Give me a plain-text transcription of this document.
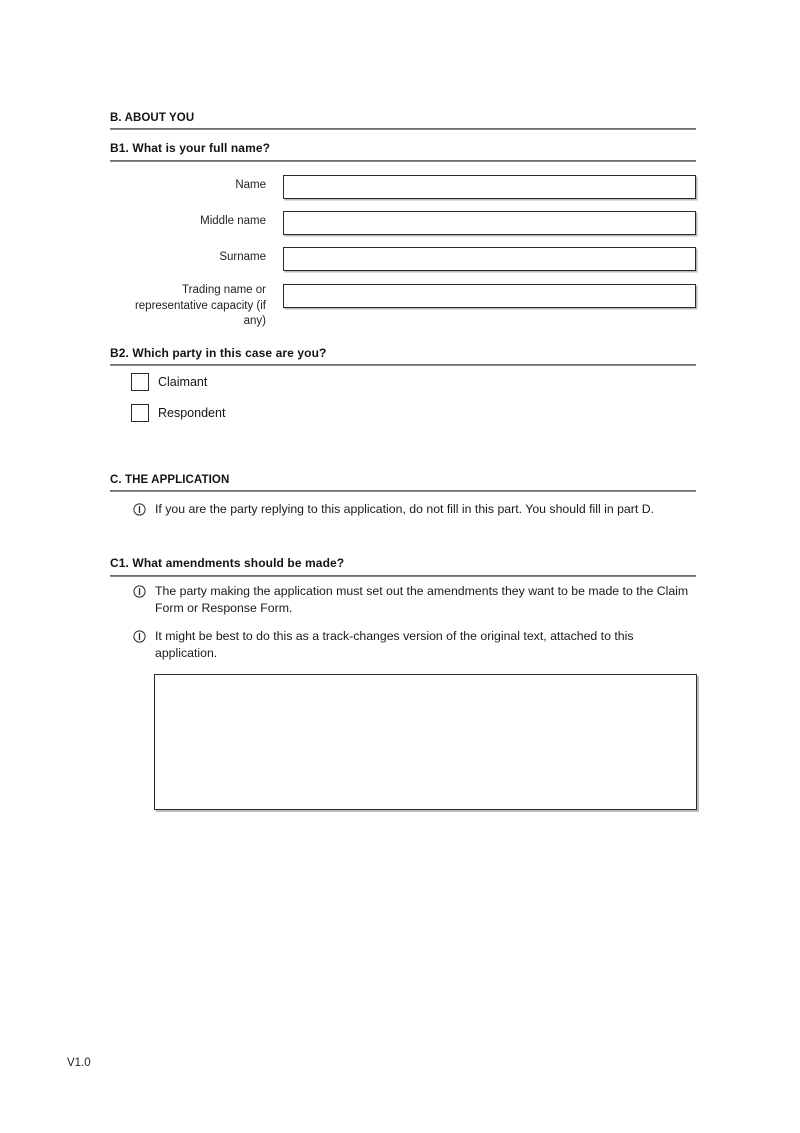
B. ABOUT YOU
B1. What is your full name?
Name
Middle name
Surname
Trading name or representative capacity (if any)
B2. Which party in this case are you?
Claimant
Respondent
C. THE APPLICATION
If you are the party replying to this application, do not fill in this part. You should fill in part D.
C1. What amendments should be made?
The party making the application must set out the amendments they want to be made to the Claim Form or Response Form.
It might be best to do this as a track-changes version of the original text, attached to this application.
V1.0
